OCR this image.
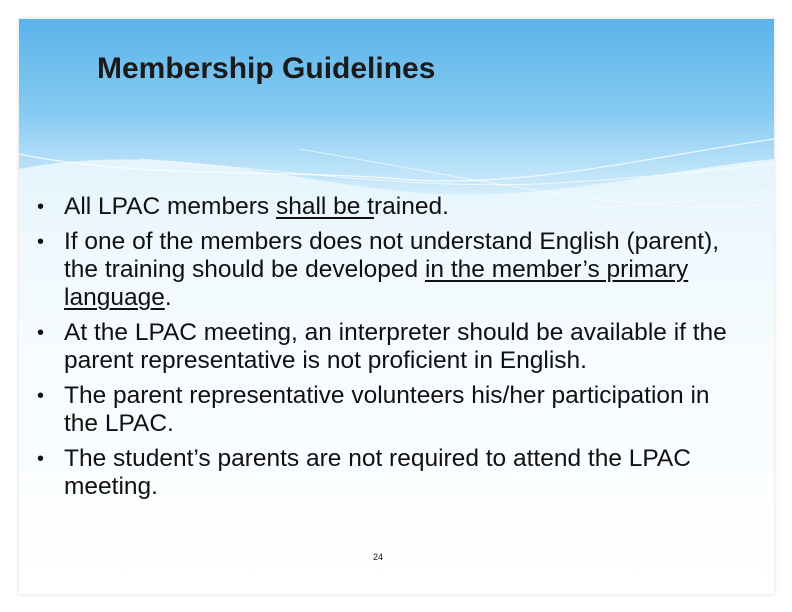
Membership Guidelines
• All LPAC members shall be trained.
• If one of the members does not understand English (parent), the training should be developed in the member’s primary language.
• At the LPAC meeting, an interpreter should be available if the parent representative is not proficient in English.
• The parent representative volunteers his/her participation in the LPAC.
• The student’s parents are not required to attend the LPAC meeting.
24
